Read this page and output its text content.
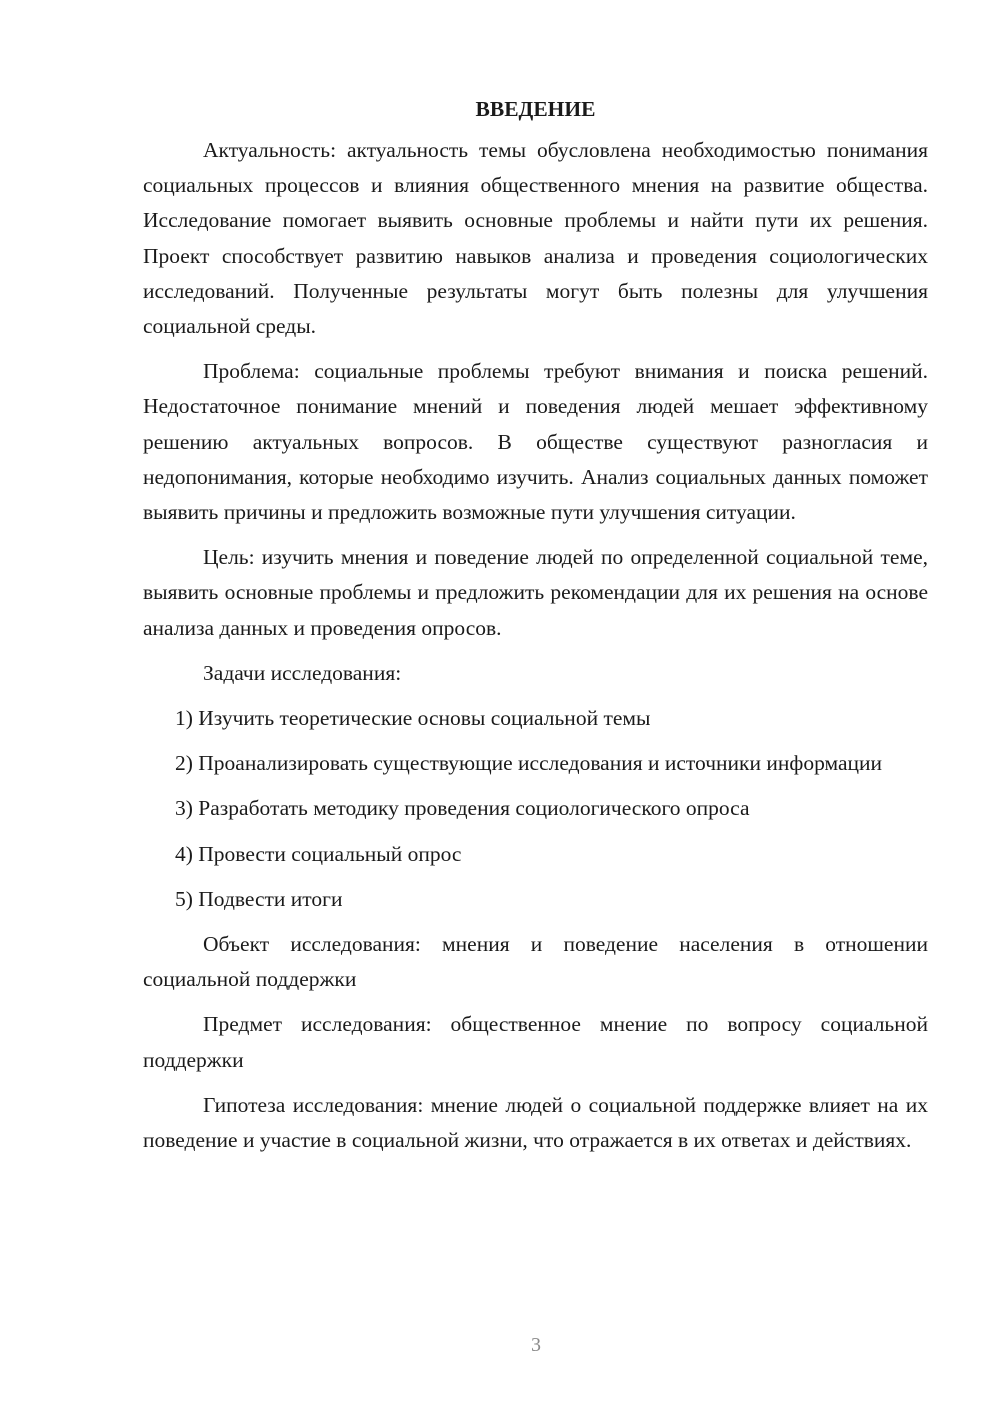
ВВЕДЕНИЕ

Актуальность: актуальность темы обусловлена необходимостью понимания социальных процессов и влияния общественного мнения на развитие общества. Исследование помогает выявить основные проблемы и найти пути их решения. Проект способствует развитию навыков анализа и проведения социологических исследований. Полученные результаты могут быть полезны для улучшения социальной среды.

Проблема: социальные проблемы требуют внимания и поиска решений. Недостаточное понимание мнений и поведения людей мешает эффективному решению актуальных вопросов. В обществе существуют разногласия и недопонимания, которые необходимо изучить. Анализ социальных данных поможет выявить причины и предложить возможные пути улучшения ситуации.

Цель: изучить мнения и поведение людей по определенной социальной теме, выявить основные проблемы и предложить рекомендации для их решения на основе анализа данных и проведения опросов.

Задачи исследования:

1) Изучить теоретические основы социальной темы

2) Проанализировать существующие исследования и источники информации

3) Разработать методику проведения социологического опроса

4) Провести социальный опрос

5) Подвести итоги

Объект исследования: мнения и поведение населения в отношении социальной поддержки

Предмет исследования: общественное мнение по вопросу социальной поддержки

Гипотеза исследования: мнение людей о социальной поддержке влияет на их поведение и участие в социальной жизни, что отражается в их ответах и действиях.

3
